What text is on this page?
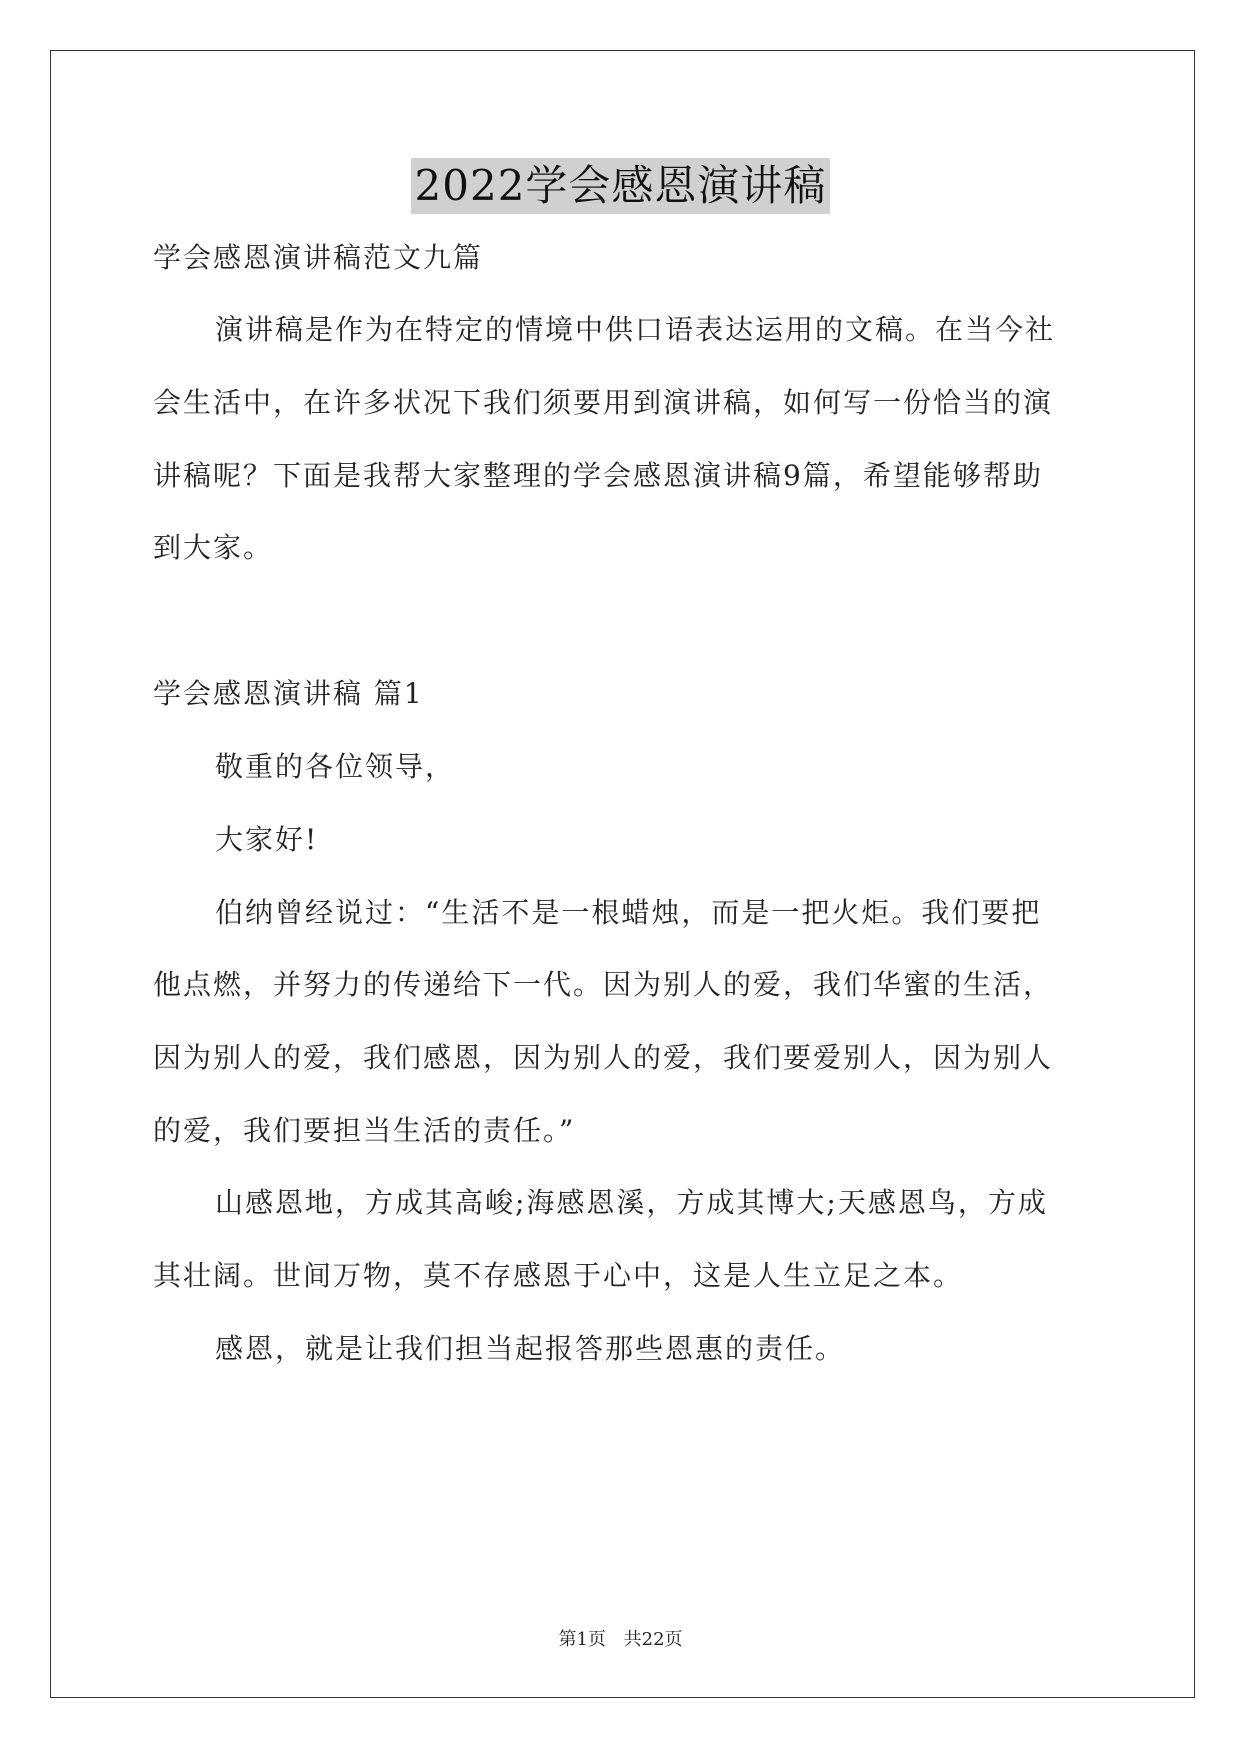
2022学会感恩演讲稿
学会感恩演讲稿范文九篇
演讲稿是作为在特定的情境中供口语表达运用的文稿。在当今社
会生活中，在许多状况下我们须要用到演讲稿，如何写一份恰当的演
讲稿呢？下面是我帮大家整理的学会感恩演讲稿9篇，希望能够帮助
到大家。
学会感恩演讲稿 篇1
敬重的各位领导，
大家好!
伯纳曾经说过：“生活不是一根蜡烛，而是一把火炬。我们要把
他点燃，并努力的传递给下一代。因为别人的爱，我们华蜜的生活，
因为别人的爱，我们感恩，因为别人的爱，我们要爱别人，因为别人
的爱，我们要担当生活的责任。”
山感恩地，方成其高峻;海感恩溪，方成其博大;天感恩鸟，方成
其壮阔。世间万物，莫不存感恩于心中，这是人生立足之本。
感恩，就是让我们担当起报答那些恩惠的责任。
第1页 共22页
